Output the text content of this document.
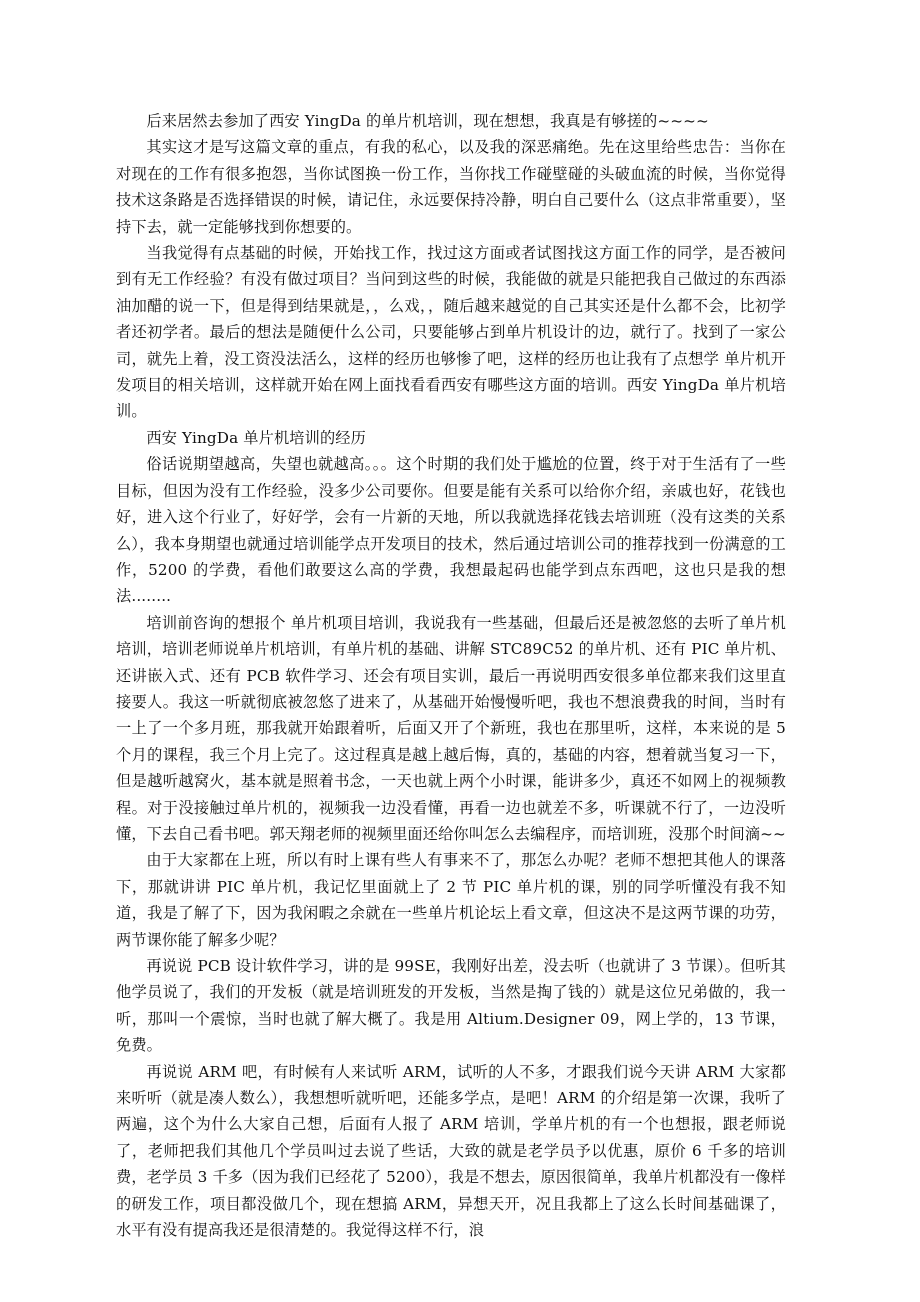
后来居然去参加了西安 YingDa 的单片机培训，现在想想，我真是有够搓的~~~~

其实这才是写这篇文章的重点，有我的私心，以及我的深恶痛绝。先在这里给些忠告：当你在对现在的工作有很多抱怨，当你试图换一份工作，当你找工作碰壁碰的头破血流的时候，当你觉得技术这条路是否选择错误的时候，请记住，永远要保持冷静，明白自己要什么（这点非常重要），坚持下去，就一定能够找到你想要的。

当我觉得有点基础的时候，开始找工作，找过这方面或者试图找这方面工作的同学，是否被问到有无工作经验？有没有做过项目？当问到这些的时候，我能做的就是只能把我自己做过的东西添油加醋的说一下，但是得到结果就是，，么戏，，随后越来越觉的自己其实还是什么都不会，比初学者还初学者。最后的想法是随便什么公司，只要能够占到单片机设计的边，就行了。找到了一家公司，就先上着，没工资没法活么，这样的经历也够惨了吧，这样的经历也让我有了点想学 单片机开发项目的相关培训，这样就开始在网上面找看看西安有哪些这方面的培训。西安 YingDa 单片机培训。

西安 YingDa 单片机培训的经历

俗话说期望越高，失望也就越高。。。这个时期的我们处于尴尬的位置，终于对于生活有了一些目标，但因为没有工作经验，没多少公司要你。但要是能有关系可以给你介绍，亲戚也好，花钱也好，进入这个行业了，好好学，会有一片新的天地，所以我就选择花钱去培训班（没有这类的关系么），我本身期望也就通过培训能学点开发项目的技术，然后通过培训公司的推荐找到一份满意的工作，5200 的学费，看他们敢要这么高的学费，我想最起码也能学到点东西吧，这也只是我的想法........

培训前咨询的想报个 单片机项目培训，我说我有一些基础，但最后还是被忽悠的去听了单片机培训，培训老师说单片机培训，有单片机的基础、讲解 STC89C52 的单片机、还有 PIC 单片机、还讲嵌入式、还有 PCB 软件学习、还会有项目实训，最后一再说明西安很多单位都来我们这里直接要人。我这一听就彻底被忽悠了进来了，从基础开始慢慢听吧，我也不想浪费我的时间，当时有一上了一个多月班，那我就开始跟着听，后面又开了个新班，我也在那里听，这样，本来说的是 5 个月的课程，我三个月上完了。这过程真是越上越后悔，真的，基础的内容，想着就当复习一下，但是越听越窝火，基本就是照着书念，一天也就上两个小时课，能讲多少，真还不如网上的视频教程。对于没接触过单片机的，视频我一边没看懂，再看一边也就差不多，听课就不行了，一边没听懂，下去自己看书吧。郭天翔老师的视频里面还给你叫怎么去编程序，而培训班，没那个时间滴~~

由于大家都在上班，所以有时上课有些人有事来不了，那怎么办呢？老师不想把其他人的课落下，那就讲讲 PIC 单片机，我记忆里面就上了 2 节 PIC 单片机的课，别的同学听懂没有我不知道，我是了解了下，因为我闲暇之余就在一些单片机论坛上看文章，但这决不是这两节课的功劳，两节课你能了解多少呢？

再说说 PCB 设计软件学习，讲的是 99SE，我刚好出差，没去听（也就讲了 3 节课）。但听其他学员说了，我们的开发板（就是培训班发的开发板，当然是掏了钱的）就是这位兄弟做的，我一听，那叫一个震惊，当时也就了解大概了。我是用 Altium.Designer 09，网上学的，13 节课，免费。

再说说 ARM 吧，有时候有人来试听 ARM，试听的人不多，才跟我们说今天讲 ARM 大家都来听听（就是凑人数么），我想想听就听吧，还能多学点，是吧！ARM 的介绍是第一次课，我听了两遍，这个为什么大家自己想，后面有人报了 ARM 培训，学单片机的有一个也想报，跟老师说了，老师把我们其他几个学员叫过去说了些话，大致的就是老学员予以优惠，原价 6 千多的培训费，老学员 3 千多（因为我们已经花了 5200），我是不想去，原因很简单，我单片机都没有一像样的研发工作，项目都没做几个，现在想搞 ARM，异想天开，况且我都上了这么长时间基础课了，水平有没有提高我还是很清楚的。我觉得这样不行，浪
